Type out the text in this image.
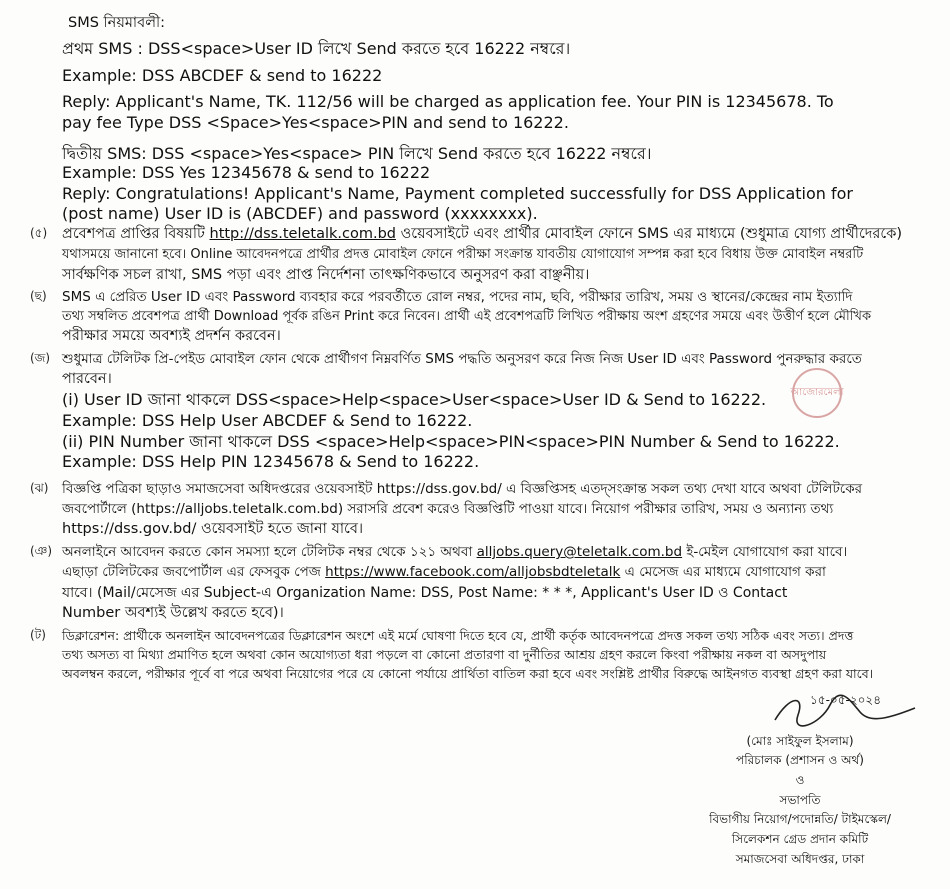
SMS নিয়মাবলী:
প্রথম SMS : DSS<space>User ID লিখে Send করতে হবে 16222 নম্বরে।
Example: DSS ABCDEF & send to 16222
Reply: Applicant's Name, TK. 112/56 will be charged as application fee. Your PIN is 12345678. To
pay fee Type DSS <Space>Yes<space>PIN and send to 16222.
দ্বিতীয় SMS: DSS <space>Yes<space> PIN লিখে Send করতে হবে 16222 নম্বরে।
Example: DSS Yes 12345678 & send to 16222
Reply: Congratulations! Applicant's Name, Payment completed successfully for DSS Application for
(post name) User ID is (ABCDEF) and password (xxxxxxxx).
(৫) প্রবেশপত্র প্রাপ্তির বিষয়টি http://dss.teletalk.com.bd ওয়েবসাইটে এবং প্রার্থীর মোবাইল ফোনে SMS এর মাধ্যমে (শুধুমাত্র যোগ্য প্রার্থীদেরকে)
যথাসময়ে জানানো হবে। Online আবেদনপত্রে প্রার্থীর প্রদত্ত মোবাইল ফোনে পরীক্ষা সংক্রান্ত যাবতীয় যোগাযোগ সম্পন্ন করা হবে বিধায় উক্ত মোবাইল নম্বরটি
সার্বক্ষণিক সচল রাখা, SMS পড়া এবং প্রাপ্ত নির্দেশনা তাৎক্ষণিকভাবে অনুসরণ করা বাঞ্ছনীয়।
(ছ) SMS এ প্রেরিত User ID এবং Password ব্যবহার করে পরবর্তীতে রোল নম্বর, পদের নাম, ছবি, পরীক্ষার তারিখ, সময় ও স্থানের/কেন্দ্রের নাম ইত্যাদি
তথ্য সম্বলিত প্রবেশপত্র প্রার্থী Download পূর্বক রঙিন Print করে নিবেন। প্রার্থী এই প্রবেশপত্রটি লিখিত পরীক্ষায় অংশ গ্রহণের সময়ে এবং উত্তীর্ণ হলে মৌখিক
পরীক্ষার সময়ে অবশ্যই প্রদর্শন করবেন।
(জ) শুধুমাত্র টেলিটক প্রি-পেইড মোবাইল ফোন থেকে প্রার্থীগণ নিম্নবর্ণিত SMS পদ্ধতি অনুসরণ করে নিজ নিজ User ID এবং Password পুনরুদ্ধার করতে
পারবেন।
(i) User ID জানা থাকলে DSS<space>Help<space>User<space>User ID & Send to 16222.
Example: DSS Help User ABCDEF & Send to 16222.
(ii) PIN Number জানা থাকলে DSS <space>Help<space>PIN<space>PIN Number & Send to 16222.
Example: DSS Help PIN 12345678 & Send to 16222.
আজোরমেলা
(ঝ) বিজ্ঞপ্তি পত্রিকা ছাড়াও সমাজসেবা অধিদপ্তরের ওয়েবসাইট https://dss.gov.bd/ এ বিজ্ঞপ্তিসহ এতদ্সংক্রান্ত সকল তথ্য দেখা যাবে অথবা টেলিটকের
জবপোর্টালে (https://alljobs.teletalk.com.bd) সরাসরি প্রবেশ করেও বিজ্ঞপ্তিটি পাওয়া যাবে। নিয়োগ পরীক্ষার তারিখ, সময় ও অন্যান্য তথ্য
https://dss.gov.bd/ ওয়েবসাইট হতে জানা যাবে।
(ঞ) অনলাইনে আবেদন করতে কোন সমস্যা হলে টেলিটক নম্বর থেকে ১২১ অথবা alljobs.query@teletalk.com.bd ই-মেইল যোগাযোগ করা যাবে।
এছাড়া টেলিটকের জবপোর্টাল এর ফেসবুক পেজ https://www.facebook.com/alljobsbdteletalk এ মেসেজ এর মাধ্যমে যোগাযোগ করা
যাবে। (Mail/মেসেজ এর Subject-এ Organization Name: DSS, Post Name: * * *, Applicant's User ID ও Contact
Number অবশ্যই উল্লেখ করতে হবে)।
(ট) ডিক্লারেশন: প্রার্থীকে অনলাইন আবেদনপত্রের ডিক্লারেশন অংশে এই মর্মে ঘোষণা দিতে হবে যে, প্রার্থী কর্তৃক আবেদনপত্রে প্রদত্ত সকল তথ্য সঠিক এবং সত্য। প্রদত্ত
তথ্য অসত্য বা মিথ্যা প্রমাণিত হলে অথবা কোন অযোগ্যতা ধরা পড়লে বা কোনো প্রতারণা বা দুর্নীতির আশ্রয় গ্রহণ করলে কিংবা পরীক্ষায় নকল বা অসদুপায়
অবলম্বন করলে, পরীক্ষার পূর্বে বা পরে অথবা নিয়োগের পরে যে কোনো পর্যায়ে প্রার্থিতা বাতিল করা হবে এবং সংশ্লিষ্ট প্রার্থীর বিরুদ্ধে আইনগত ব্যবস্থা গ্রহণ করা যাবে।
১৫-০৫-২০২৪
(মোঃ সাইফুল ইসলাম)
পরিচালক (প্রশাসন ও অর্থ)
ও
সভাপতি
বিভাগীয় নিয়োগ/পদোন্নতি/ টাইমস্কেল/
সিলেকশন গ্রেড প্রদান কমিটি
সমাজসেবা অধিদপ্তর, ঢাকা
